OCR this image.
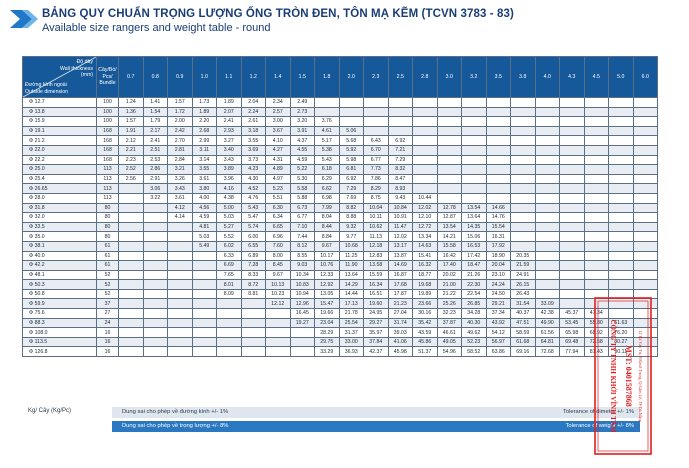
BẢNG QUY CHUẨN TRỌNG LƯỢNG ỐNG TRÒN ĐEN, TÔN MẠ KẼM (TCVN 3783 - 83)
Available size rangers and weight table - round
Độ dày
Wall thickness
(mm)
Đường kính ngoài
Outside dimension	Cây/Bó/ Pcs/ Bundle	0.7	0.8	0.9	1.0	1.1	1.2	1.4	1.5	1.8	2.0	2.3	2.5	2.8	3.0	3.2	3.5	3.8	4.0	4.3	4.5	5.0	6.0
Φ 12.7	100	1.24	1.41	1.57	1.73	1.89	2.04	2.34	2.49														
Φ 13.8	100	1.36	1.54	1.72	1.89	2.07	2.24	2.57	2.73														
Φ 15.9	100	1.57	1.79	2.00	2.20	2.41	2.61	3.00	3.20	3.76													
Φ 19.1	168	1.91	2.17	2.42	2.68	2.93	3.18	3.67	3.91	4.61	5.06												
Φ 21.2	168	2.12	2.41	2.70	2.99	3.27	3.55	4.10	4.37	5.17	5.68	6.43	6.92										
Φ 22.0	168	2.21	2.51	2.81	3.11	3.40	3.69	4.27	4.55	5.38	5.92	6.70	7.21										
Φ 22.2	168	2.23	2.53	2.84	3.14	3.43	3.73	4.31	4.59	5.43	5.98	6.77	7.29										
Φ 25.0	113	2.52	2.86	3.21	3.55	3.89	4.23	4.89	5.22	6.18	6.81	7.73	8.32										
Φ 25.4	113	2.56	2.91	3.26	3.61	3.96	4.30	4.97	5.30	6.29	6.92	7.86	8.47										
Φ 26.65	113		3.06	3.43	3.80	4.16	4.52	5.23	5.58	6.62	7.29	8.29	8.93										
Φ 28.0	113		3.22	3.61	4.00	4.38	4.76	5.51	5.88	6.98	7.69	8.75	9.43	10.44									
Φ 31.8	80			4.12	4.56	5.00	5.43	6.30	6.73	7.99	8.82	10.04	10.84	12.02	12.78	13.54	14.66						
Φ 32.0	80			4.14	4.59	5.03	5.47	6.34	6.77	8.04	8.88	10.11	10.91	12.10	12.87	13.64	14.76						
Φ 33.5	80				4.81	5.27	5.74	6.65	7.10	8.44	9.32	10.62	11.47	12.72	13.54	14.35	15.54						
Φ 35.0	80				5.03	5.52	6.00	6.96	7.44	8.84	9.77	11.13	12.02	13.34	14.21	15.06	16.31						
Φ 38.1	61				5.49	6.02	6.55	7.60	8.12	9.67	10.68	12.18	13.17	14.63	15.58	16.53	17.92						
Φ 40.0	61					6.33	6.89	8.00	8.55	10.17	11.25	12.83	13.87	15.41	16.42	17.42	18.90	20.35					
Φ 42.2	61					6.69	7.28	8.45	9.03	10.76	11.90	13.58	14.69	16.32	17.40	18.47	20.04	21.59					
Φ 48.1	52					7.65	8.33	9.67	10.34	12.33	13.64	15.59	16.87	18.77	20.02	21.26	23.10	24.91					
Φ 50.3	52					8.01	8.72	10.13	10.83	12.92	14.29	16.34	17.68	19.68	21.00	22.30	24.24	26.15					
Φ 50.8	52					8.09	8.81	10.23	10.94	13.05	14.44	16.51	17.87	19.89	21.22	22.54	24.50	26.43					
Φ 59.9	37							12.12	12.96	15.47	17.13	19.60	21.23	23.66	25.26	26.85	29.21	31.54	33.09				
Φ 75.6	27								16.45	19.66	21.78	24.95	27.04	30.16	32.23	34.28	37.34	40.37	42.38	45.37	47.34		
Φ 88.3	24								19.27	23.04	25.54	29.27	31.74	35.42	37.87	40.30	43.92	47.51	49.90	53.45	55.80	61.63	
Φ 108.0	16									28.29	31.37	35.97	39.03	43.59	46.61	49.62	54.12	58.59	61.56	65.98	68.92	76.20	
Φ 113.5	16									29.75	33.00	37.84	41.06	45.86	49.05	52.23	56.97	61.68	64.81	69.48	72.58	80.27	
Φ 126.8	16									33.29	36.93	42.37	45.98	51.37	54.96	58.52	63.86	69.16	72.68	77.94	81.43	90.11	
Kg/ Cây (Kg/Pc)	Dung sai cho phép về đường kính +/- 1%	Tolerance of dimeter +/- 1%
Dung sai cho phép về trọng lượng +/- 8%	Tolerance of weight +/- 8%
CÔNG TY TNHH KHỞI VĨNH TÂM MST: 0401587868 12 Hà Văn Trí, P.Khuê Trung, Q.Cẩm Lệ, TP Đà Nẵng
